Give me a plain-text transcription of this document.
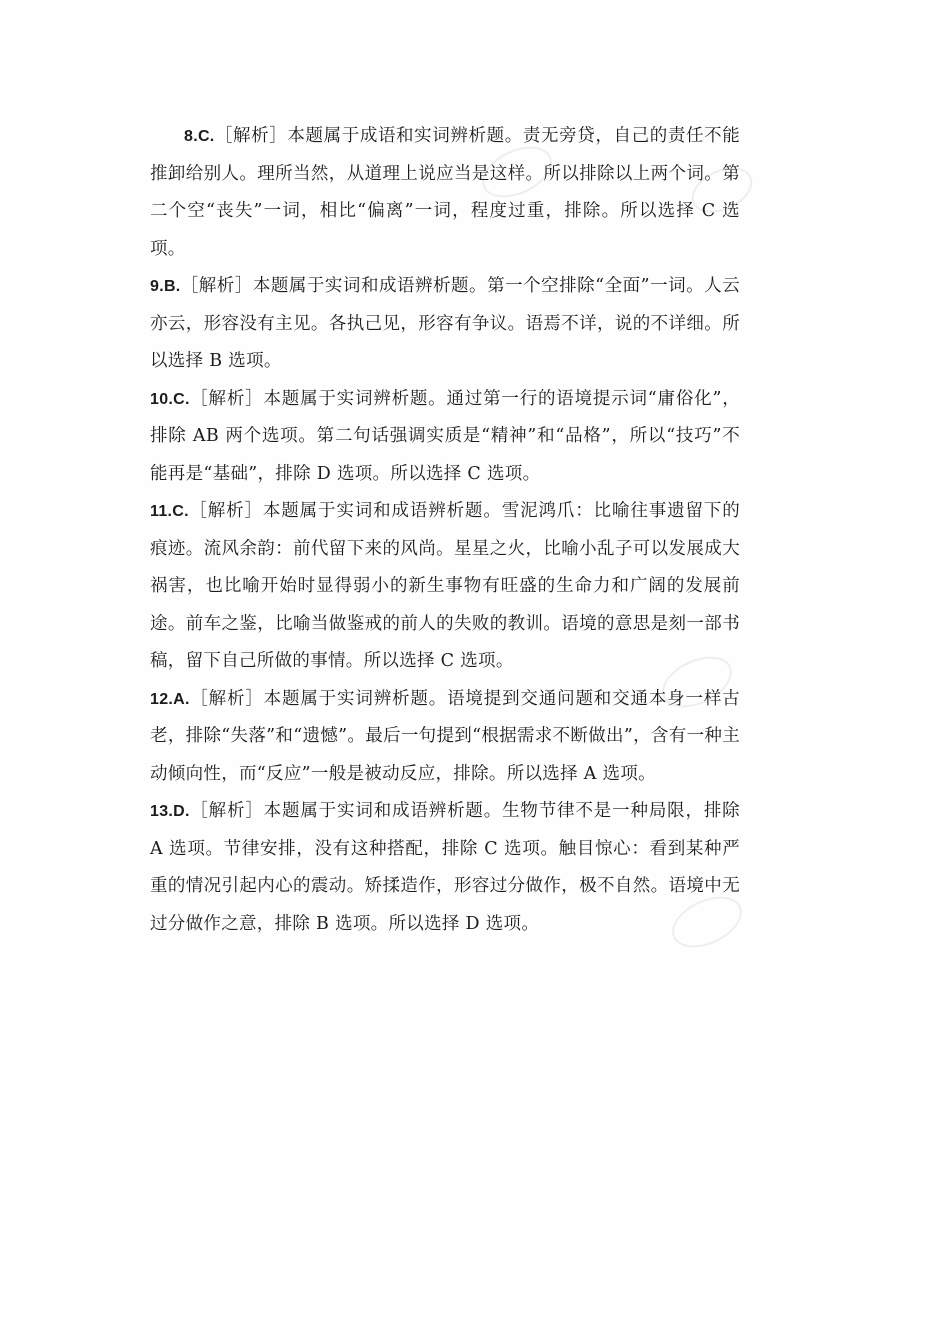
8.C.［解析］本题属于成语和实词辨析题。责无旁贷，自己的责任不能推卸给别人。理所当然，从道理上说应当是这样。所以排除以上两个词。第二个空“丧失”一词，相比“偏离”一词，程度过重，排除。所以选择 C 选项。

9.B.［解析］本题属于实词和成语辨析题。第一个空排除“全面”一词。人云亦云，形容没有主见。各执己见，形容有争议。语焉不详，说的不详细。所以选择 B 选项。

10.C.［解析］本题属于实词辨析题。通过第一行的语境提示词“庸俗化”，排除 AB 两个选项。第二句话强调实质是“精神”和“品格”，所以“技巧”不能再是“基础”，排除 D 选项。所以选择 C 选项。

11.C.［解析］本题属于实词和成语辨析题。雪泥鸿爪：比喻往事遗留下的痕迹。流风余韵：前代留下来的风尚。星星之火，比喻小乱子可以发展成大祸害，也比喻开始时显得弱小的新生事物有旺盛的生命力和广阔的发展前途。前车之鉴，比喻当做鉴戒的前人的失败的教训。语境的意思是刻一部书稿，留下自己所做的事情。所以选择 C 选项。

12.A.［解析］本题属于实词辨析题。语境提到交通问题和交通本身一样古老，排除“失落”和“遗憾”。最后一句提到“根据需求不断做出”，含有一种主动倾向性，而“反应”一般是被动反应，排除。所以选择 A 选项。

13.D.［解析］本题属于实词和成语辨析题。生物节律不是一种局限，排除 A 选项。节律安排，没有这种搭配，排除 C 选项。触目惊心：看到某种严重的情况引起内心的震动。矫揉造作，形容过分做作，极不自然。语境中无过分做作之意，排除 B 选项。所以选择 D 选项。
